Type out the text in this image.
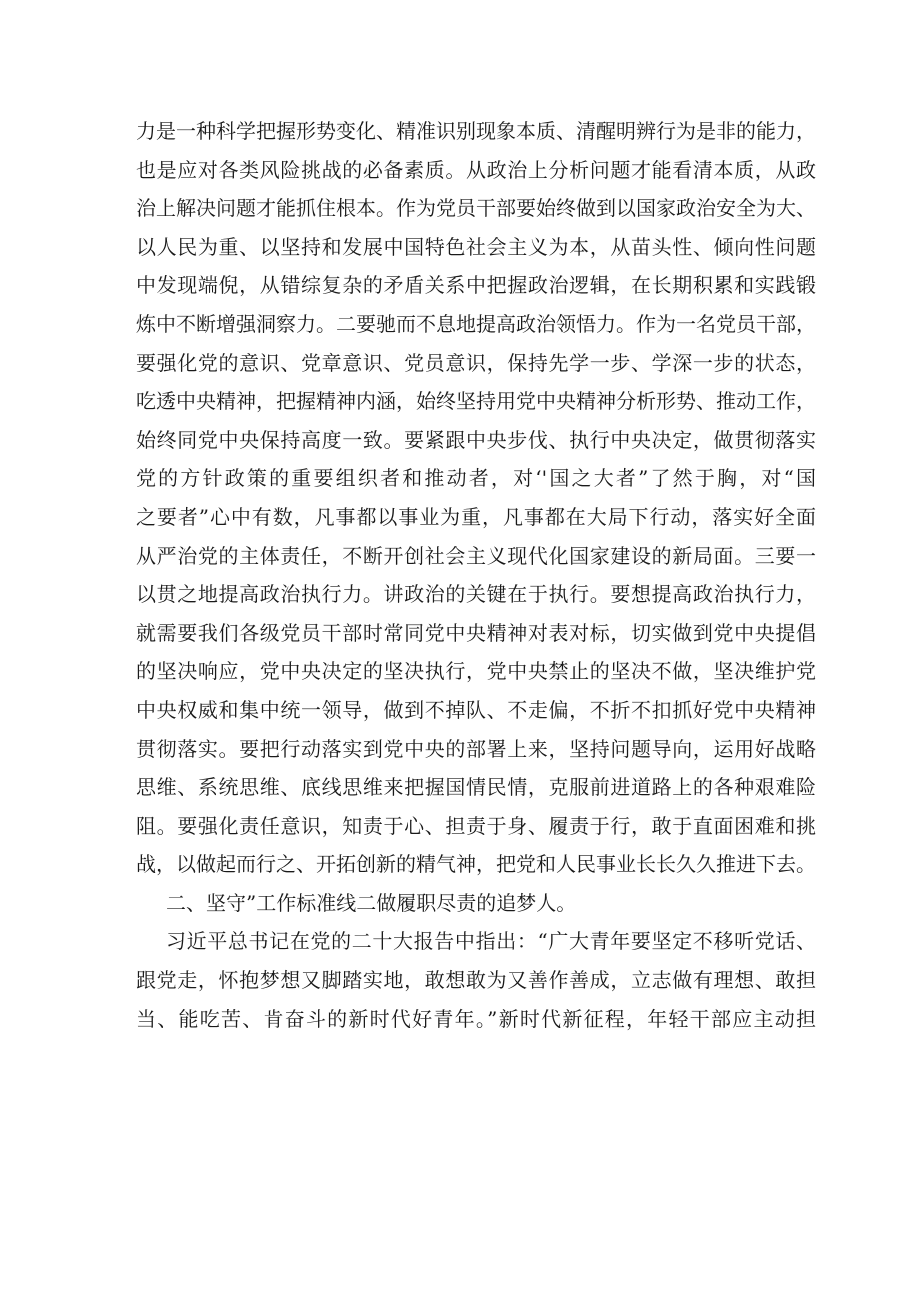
力是一种科学把握形势变化、精准识别现象本质、清醒明辨行为是非的能力，
也是应对各类风险挑战的必备素质。从政治上分析问题才能看清本质，从政
治上解决问题才能抓住根本。作为党员干部要始终做到以国家政治安全为大、
以人民为重、以坚持和发展中国特色社会主义为本，从苗头性、倾向性问题
中发现端倪，从错综复杂的矛盾关系中把握政治逻辑，在长期积累和实践锻
炼中不断增强洞察力。二要驰而不息地提高政治领悟力。作为一名党员干部，
要强化党的意识、党章意识、党员意识，保持先学一步、学深一步的状态，
吃透中央精神，把握精神内涵，始终坚持用党中央精神分析形势、推动工作，
始终同党中央保持高度一致。要紧跟中央步伐、执行中央决定，做贯彻落实
党的方针政策的重要组织者和推动者，对‘'国之大者”了然于胸，对“国
之要者”心中有数，凡事都以事业为重，凡事都在大局下行动，落实好全面
从严治党的主体责任，不断开创社会主义现代化国家建设的新局面。三要一
以贯之地提高政治执行力。讲政治的关键在于执行。要想提高政治执行力，
就需要我们各级党员干部时常同党中央精神对表对标，切实做到党中央提倡
的坚决响应，党中央决定的坚决执行，党中央禁止的坚决不做，坚决维护党
中央权威和集中统一领导，做到不掉队、不走偏，不折不扣抓好党中央精神
贯彻落实。要把行动落实到党中央的部署上来，坚持问题导向，运用好战略
思维、系统思维、底线思维来把握国情民情，克服前进道路上的各种艰难险
阻。要强化责任意识，知责于心、担责于身、履责于行，敢于直面困难和挑
战，以做起而行之、开拓创新的精气神，把党和人民事业长长久久推进下去。
二、坚守”工作标准线二做履职尽责的追梦人。
习近平总书记在党的二十大报告中指出：“广大青年要坚定不移听党话、
跟党走，怀抱梦想又脚踏实地，敢想敢为又善作善成，立志做有理想、敢担
当、能吃苦、肯奋斗的新时代好青年。”新时代新征程，年轻干部应主动担
